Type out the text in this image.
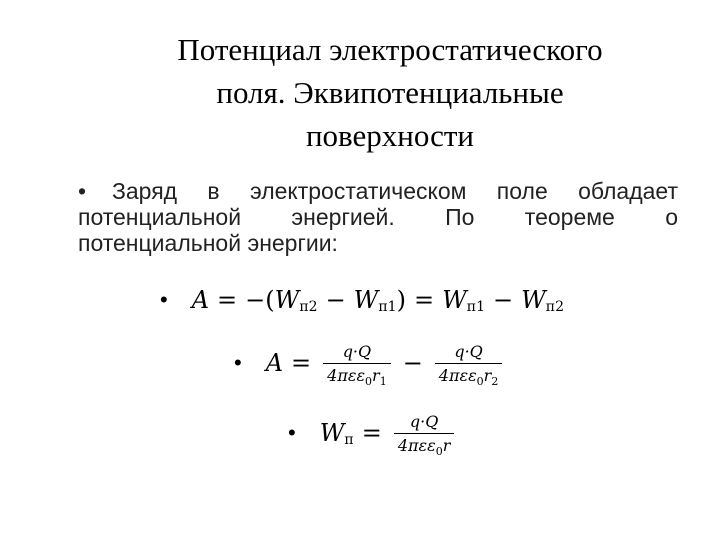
Потенциал электростатического
поля. Эквипотенциальные
поверхности
•	Заряд в электростатическом поле обладает
потенциальной энергией. По теореме о
потенциальной энергии:
• A = −( W п2 − W п1 ) = W п1 − W п2
• $A = \frac{q\cdot Q}{4\pi\varepsilon\varepsilon_0r_1} - \frac{q\cdot Q}{4\pi\varepsilon\varepsilon_0r_2}$
• W $п = \frac{q\cdot Q}{4\pi\varepsilon\varepsilon_0r}$
